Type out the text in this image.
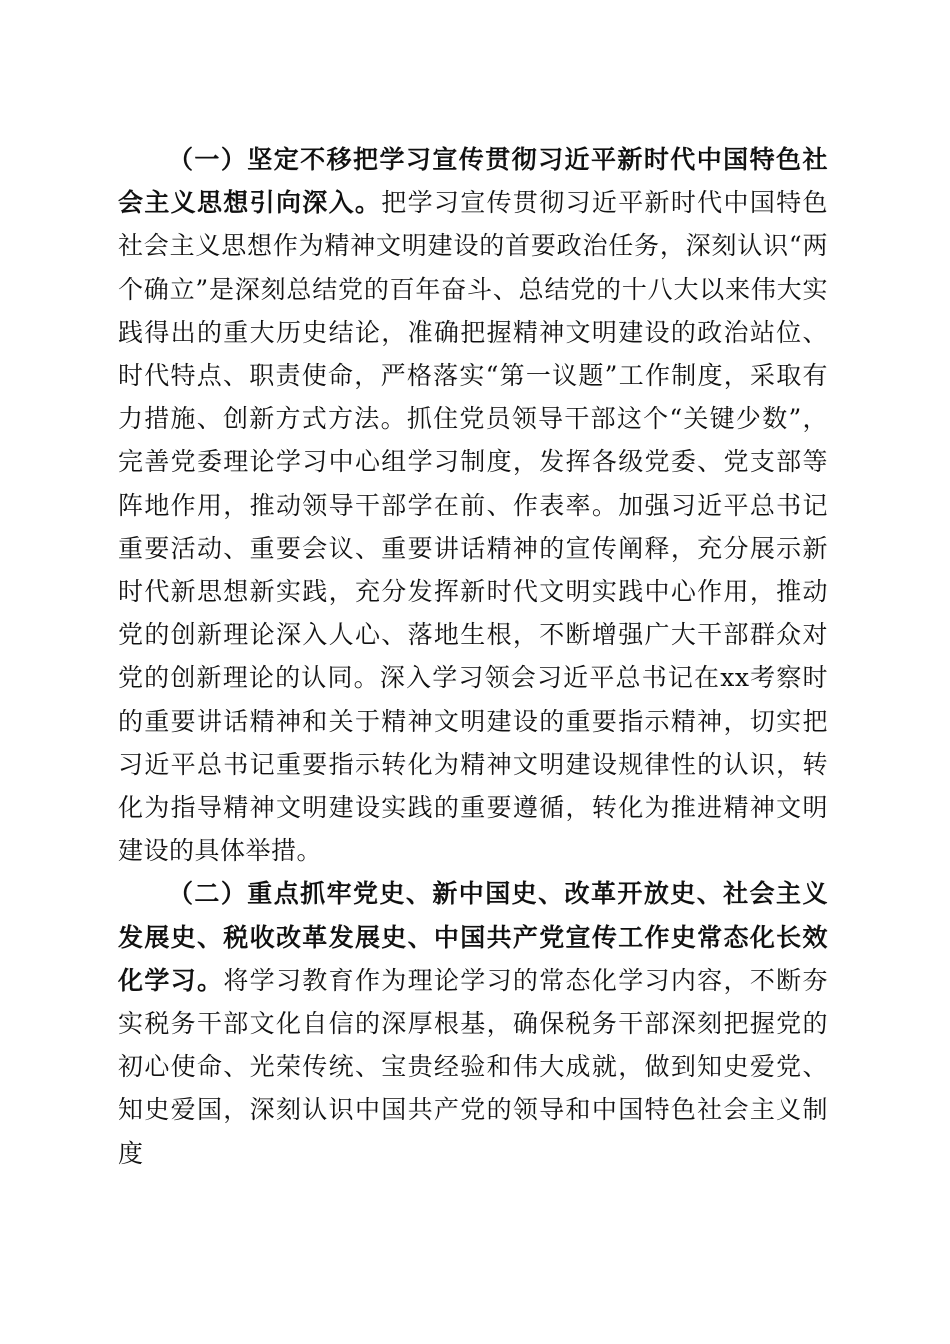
（一）坚定不移把学习宣传贯彻习近平新时代中国特色社会主义思想引向深入。把学习宣传贯彻习近平新时代中国特色社会主义思想作为精神文明建设的首要政治任务，深刻认识“两个确立”是深刻总结党的百年奋斗、总结党的十八大以来伟大实践得出的重大历史结论，准确把握精神文明建设的政治站位、时代特点、职责使命，严格落实“第一议题”工作制度，采取有力措施、创新方式方法。抓住党员领导干部这个“关键少数”，完善党委理论学习中心组学习制度，发挥各级党委、党支部等阵地作用，推动领导干部学在前、作表率。加强习近平总书记重要活动、重要会议、重要讲话精神的宣传阐释，充分展示新时代新思想新实践，充分发挥新时代文明实践中心作用，推动党的创新理论深入人心、落地生根，不断增强广大干部群众对党的创新理论的认同。深入学习领会习近平总书记在xx考察时的重要讲话精神和关于精神文明建设的重要指示精神，切实把习近平总书记重要指示转化为精神文明建设规律性的认识，转化为指导精神文明建设实践的重要遵循，转化为推进精神文明建设的具体举措。

（二）重点抓牢党史、新中国史、改革开放史、社会主义发展史、税收改革发展史、中国共产党宣传工作史常态化长效化学习。将学习教育作为理论学习的常态化学习内容，不断夯实税务干部文化自信的深厚根基，确保税务干部深刻把握党的初心使命、光荣传统、宝贵经验和伟大成就，做到知史爱党、知史爱国，深刻认识中国共产党的领导和中国特色社会主义制度
